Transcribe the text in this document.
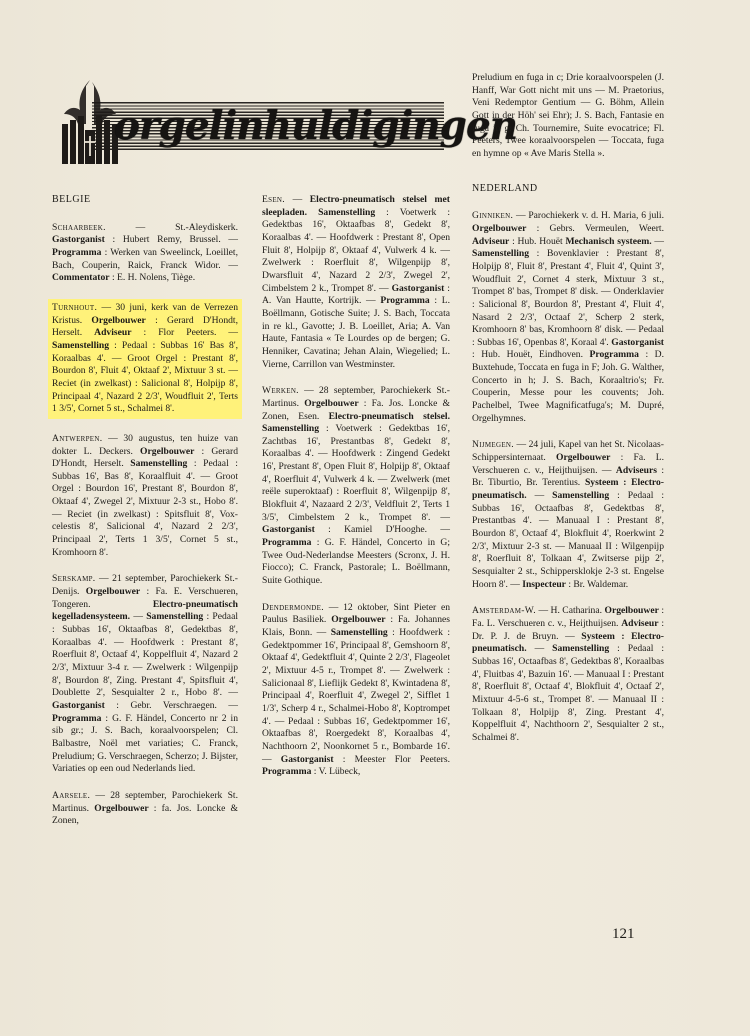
orgelinhuldigingen
BELGIE

Schaarbeek. — St.-Aleydiskerk. Gastorganist : Hubert Remy, Brussel. — Programma : Werken van Sweelinck, Loeillet, Bach, Couperin, Raick, Franck Widor. — Commentator : E. H. Nolens, Tiège.

Turnhout. — 30 juni, kerk van de Verrezen Kristus. Orgelbouwer : Gerard D'Hondt, Herselt. Adviseur : Flor Peeters. — Samenstelling : Pedaal : Subbas 16' Bas 8', Koraalbas 4'. — Groot Orgel : Prestant 8', Bourdon 8', Fluit 4', Oktaaf 2', Mixtuur 3 st. — Reciet (in zwelkast) : Salicional 8', Holpijp 8', Principaal 4', Nazard 2 2/3', Woudfluit 2', Terts 1 3/5', Cornet 5 st., Schalmei 8'.

Antwerpen. — 30 augustus, ten huize van dokter L. Deckers. Orgelbouwer : Gerard D'Hondt, Herselt. Samenstelling : Pedaal : Subbas 16', Bas 8', Koraalfluit 4'. — Groot Orgel : Bourdon 16', Prestant 8', Bourdon 8', Oktaaf 4', Zwegel 2', Mixtuur 2-3 st., Hobo 8'. — Reciet (in zwelkast) : Spitsfluit 8', Vox-celestis 8', Salicional 4', Nazard 2 2/3', Principaal 2', Terts 1 3/5', Cornet 5 st., Kromhoorn 8'.

Serskamp. — 21 september, Parochiekerk St.-Denijs. Orgelbouwer : Fa. E. Verschueren, Tongeren. Electro-pneumatisch kegelladensysteem. — Samenstelling : Pedaal : Subbas 16', Oktaafbas 8', Gedektbas 8', Koraalbas 4'. — Hoofdwerk : Prestant 8', Roerfluit 8', Octaaf 4', Koppelfluit 4', Nazard 2 2/3', Mixtuur 3-4 r. — Zwelwerk : Wilgenpijp 8', Bourdon 8', Zing. Prestant 4', Spitsfluit 4', Doublette 2', Sesquialter 2 r., Hobo 8'. — Gastorganist : Gebr. Verschraegen. — Programma : G. F. Händel, Concerto nr 2 in sib gr.; J. S. Bach, koraalvoorspelen; Cl. Balbastre, Noël met variaties; C. Franck, Preludium; G. Verschraegen, Scherzo; J. Bijster, Variaties op een oud Nederlands lied.

Aarsele. — 28 september, Parochiekerk St. Martinus. Orgelbouwer : fa. Jos. Loncke & Zonen,

Esen. — Electro-pneumatisch stelsel met sleepladen. Samenstelling : Voetwerk : Gedektbas 16', Oktaafbas 8', Gedekt 8', Koraalbas 4'. — Hoofdwerk : Prestant 8', Open Fluit 8', Holpijp 8', Oktaaf 4', Vulwerk 4 k. — Zwelwerk : Roerfluit 8', Wilgenpijp 8', Dwarsfluit 4', Nazard 2 2/3', Zwegel 2', Cimbelstem 2 k., Trompet 8'. — Gastorganist : A. Van Hautte, Kortrijk. — Programma : L. Boëllmann, Gotische Suite; J. S. Bach, Toccata in re kl., Gavotte; J. B. Loeillet, Aria; A. Van Haute, Fantasia « Te Lourdes op de bergen; G. Henniker, Cavatina; Jehan Alain, Wiegelied; L. Vierne, Carrillon van Westminster.

Werken. — 28 september, Parochiekerk St.-Martinus. Orgelbouwer : Fa. Jos. Loncke & Zonen, Esen. Electro-pneumatisch stelsel. Samenstelling : Voetwerk : Gedektbas 16', Zachtbas 16', Prestantbas 8', Gedekt 8', Koraalbas 4'. — Hoofdwerk : Zingend Gedekt 16', Prestant 8', Open Fluit 8', Holpijp 8', Oktaaf 4', Roerfluit 4', Vulwerk 4 k. — Zwelwerk (met reële superoktaaf) : Roerfluit 8', Wilgenpijp 8', Blokfluit 4', Nazaard 2 2/3', Veldfluit 2', Terts 1 3/5', Cimbelstem 2 k., Trompet 8'. — Gastorganist : Kamiel D'Hooghe. — Programma : G. F. Händel, Concerto in G; Twee Oud-Nederlandse Meesters (Scronx, J. H. Fiocco); C. Franck, Pastorale; L. Boëllmann, Suite Gothique.

Dendermonde. — 12 oktober, Sint Pieter en Paulus Basiliek. Orgelbouwer : Fa. Johannes Klais, Bonn. — Samenstelling : Hoofdwerk : Gedektpommer 16', Principaal 8', Gemshoorn 8', Oktaaf 4', Gedektfluit 4', Quinte 2 2/3', Flageolet 2', Mixtuur 4-5 r., Trompet 8'. — Zwelwerk : Salicionaal 8', Lieflijk Gedekt 8', Kwintadena 8', Principaal 4', Roerfluit 4', Zwegel 2', Sifflet 1 1/3', Scherp 4 r., Schalmei-Hobo 8', Koptrompet 4'. — Pedaal : Subbas 16', Gedektpommer 16', Oktaafbas 8', Roergedekt 8', Koraalbas 4', Nachthoorn 2', Noonkornet 5 r., Bombarde 16'. — Gastorganist : Meester Flor Peeters. Programma : V. Lübeck,

Preludium en fuga in c; Drie koraalvoorspelen (J. Hanff, War Gott nicht mit uns — M. Praetorius, Veni Redemptor Gentium — G. Böhm, Allein Gott in der Höh' sei Ehr); J. S. Bach, Fantasie en fuga in g; Ch. Tournemire, Suite evocatrice; Fl. Peeters, Twee koraalvoorspelen — Toccata, fuga en hymne op « Ave Maris Stella ».

NEDERLAND

Ginniken. — Parochiekerk v. d. H. Maria, 6 juli. Orgelbouwer : Gebrs. Vermeulen, Weert. Adviseur : Hub. Houët Mechanisch systeem. — Samenstelling : Bovenklavier : Prestant 8', Holpijp 8', Fluit 8', Prestant 4', Fluit 4', Quint 3', Woudfluit 2', Cornet 4 sterk, Mixtuur 3 st., Trompet 8' bas, Trompet 8' disk. — Onderklavier : Salicional 8', Bourdon 8', Prestant 4', Fluit 4', Nasard 2 2/3', Octaaf 2', Scherp 2 sterk, Kromhoorn 8' bas, Kromhoorn 8' disk. — Pedaal : Subbas 16', Openbas 8', Koraal 4'. Gastorganist : Hub. Houët, Eindhoven. Programma : D. Buxtehude, Toccata en fuga in F; Joh. G. Walther, Concerto in h; J. S. Bach, Koraaltrio's; Fr. Couperin, Messe pour les couvents; Joh. Pachelbel, Twee Magnificatfuga's; M. Dupré, Orgelhymnes.

Nijmegen. — 24 juli, Kapel van het St. Nicolaas-Schippersinternaat. Orgelbouwer : Fa. L. Verschueren c. v., Heijthuijsen. — Adviseurs : Br. Tiburtio, Br. Terentius. Systeem : Electro-pneumatisch. — Samenstelling : Pedaal : Subbas 16', Octaafbas 8', Gedektbas 8', Prestantbas 4'. — Manuaal I : Prestant 8', Bourdon 8', Octaaf 4', Blokfluit 4', Roerkwint 2 2/3', Mixtuur 2-3 st. — Manuaal II : Wilgenpijp 8', Roerfluit 8', Tolkaan 4', Zwitserse pijp 2', Sesquialter 2 st., Schippersklokje 2-3 st. Engelse Hoorn 8'. — Inspecteur : Br. Waldemar.

Amsterdam-W. — H. Catharina. Orgelbouwer : Fa. L. Verschueren c. v., Heijthuijsen. Adviseur : Dr. P. J. de Bruyn. — Systeem : Electro-pneumatisch. — Samenstelling : Pedaal : Subbas 16', Octaafbas 8', Gedektbas 8', Koraalbas 4', Fluitbas 4', Bazuin 16'. — Manuaal I : Prestant 8', Roerfluit 8', Octaaf 4', Blokfluit 4', Octaaf 2', Mixtuur 4-5-6 st., Trompet 8'. — Manuaal II : Tolkaan 8', Holpijp 8', Zing. Prestant 4', Koppelfluit 4', Nachthoorn 2', Sesquialter 2 st., Schalmei 8'.

121
